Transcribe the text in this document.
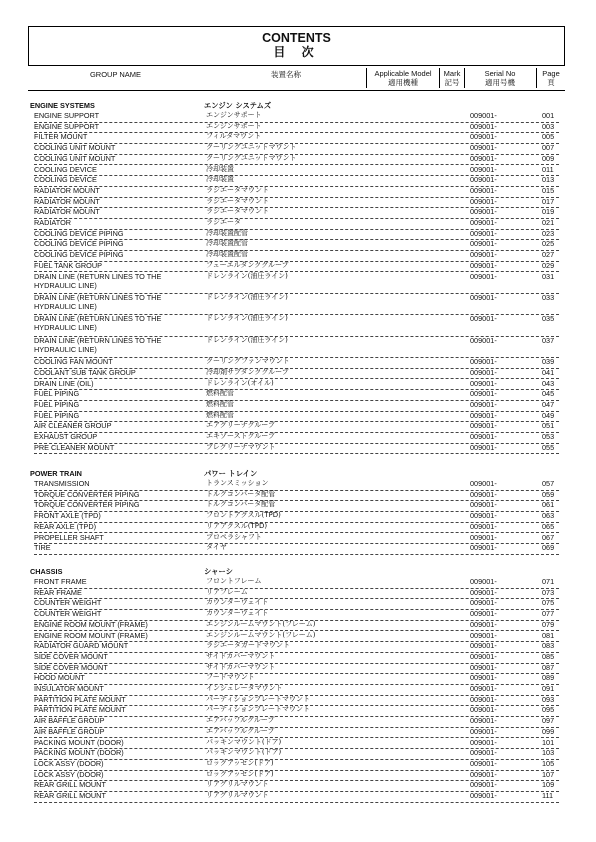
CONTENTS
目 次
GROUP NAME	装置名称	Applicable Model
適用機種
Mark
記号
Serial No
適用号機
Page
頁
ENGINE SYSTEMS	エンジン システムズ
ENGINE SUPPORT	エンジンサポート	009001-	001
ENGINE SUPPORT	エンジンサポート	009001-	003
FILTER MOUNT	フィルタマウント	009001-	005
COOLING UNIT MOUNT	クーリングユニットマウント	009001-	007
COOLING UNIT MOUNT	クーリングユニットマウント	009001-	009
COOLING DEVICE	冷却装置	009001-	011
COOLING DEVICE	冷却装置	009001-	013
RADIATOR MOUNT	ラジエータマウント	009001-	015
RADIATOR MOUNT	ラジエータマウント	009001-	017
RADIATOR MOUNT	ラジエータマウント	009001-	019
RADIATOR	ラジエータ	009001-	021
COOLING DEVICE PIPING	冷却装置配管	009001-	023
COOLING DEVICE PIPING	冷却装置配管	009001-	025
COOLING DEVICE PIPING	冷却装置配管	009001-	027
FUEL TANK GROUP	フューエルタンクグループ	009001-	029
DRAIN LINE (RETURN LINES TO THE HYDRAULIC LINE)
ドレンライン(油圧ライン)	009001-	031
DRAIN LINE (RETURN LINES TO THE HYDRAULIC LINE)
ドレンライン(油圧ライン)	009001-	033
DRAIN LINE (RETURN LINES TO THE HYDRAULIC LINE)
ドレンライン(油圧ライン)	009001-	035
DRAIN LINE (RETURN LINES TO THE HYDRAULIC LINE)
ドレンライン(油圧ライン)	009001-	037
COOLING FAN MOUNT	クーリングファンマウント	009001-	039
COOLANT SUB TANK GROUP	冷却剤サブタンクグループ	009001-	041
DRAIN LINE (OIL)	ドレンライン(オイル)	009001-	043
FUEL PIPING	燃料配管	009001-	045
FUEL PIPING	燃料配管	009001-	047
FUEL PIPING	燃料配管	009001-	049
AIR CLEANER GROUP	エアクリーナグループ	009001-	051
EXHAUST GROUP	エキゾーストグループ	009001-	053
PRE CLEANER MOUNT	プレクリーナマウント	009001-	055
POWER TRAIN	パワー トレイン
TRANSMISSION	トランスミッション	009001-	057
TORQUE CONVERTER PIPING	トルクコンバータ配管	009001-	059
TORQUE CONVERTER PIPING	トルクコンバータ配管	009001-	061
FRONT AXLE (TPD)	フロントアクスル(TPD)	009001-	063
REAR AXLE (TPD)	リアアクスル(TPD)	009001-	065
PROPELLER SHAFT	プロペラシャフト	009001-	067
TIRE	タイヤ	009001-	069
CHASSIS	シャーシ
FRONT FRAME	フロントフレーム	009001-	071
REAR FRAME	リアフレーム	009001-	073
COUNTER WEIGHT	カウンターウェイト	009001-	075
COUNTER WEIGHT	カウンターウェイト	009001-	077
ENGINE ROOM MOUNT (FRAME)	エンジンルームマウント(フレーム)	009001-	079
ENGINE ROOM MOUNT (FRAME)	エンジンルームマウント(フレーム)	009001-	081
RADIATOR GUARD MOUNT	ラジエータガードマウント	009001-	083
SIDE COVER MOUNT	サイドカバーマウント	009001-	085
SIDE COVER MOUNT	サイドカバーマウント	009001-	087
HOOD MOUNT	フードマウント	009001-	089
INSULATOR MOUNT	インシュレータマウント	009001-	091
PARTITION PLATE MOUNT	パーティションプレートマウント	009001-	093
PARTITION PLATE MOUNT	パーティションプレートマウント	009001-	095
AIR BAFFLE GROUP	エアバッフルグループ	009001-	097
AIR BAFFLE GROUP	エアバッフルグループ	009001-	099
PACKING MOUNT (DOOR)	パッキンマウント(ドア)	009001-	101
PACKING MOUNT (DOOR)	パッキンマウント(ドア)	009001-	103
LOCK ASSY (DOOR)	ロックアッセン(ドア)	009001-	105
LOCK ASSY (DOOR)	ロックアッセン(ドア)	009001-	107
REAR GRILL MOUNT	リアグリルマウント	009001-	109
REAR GRILL MOUNT	リアグリルマウント	009001-	111
